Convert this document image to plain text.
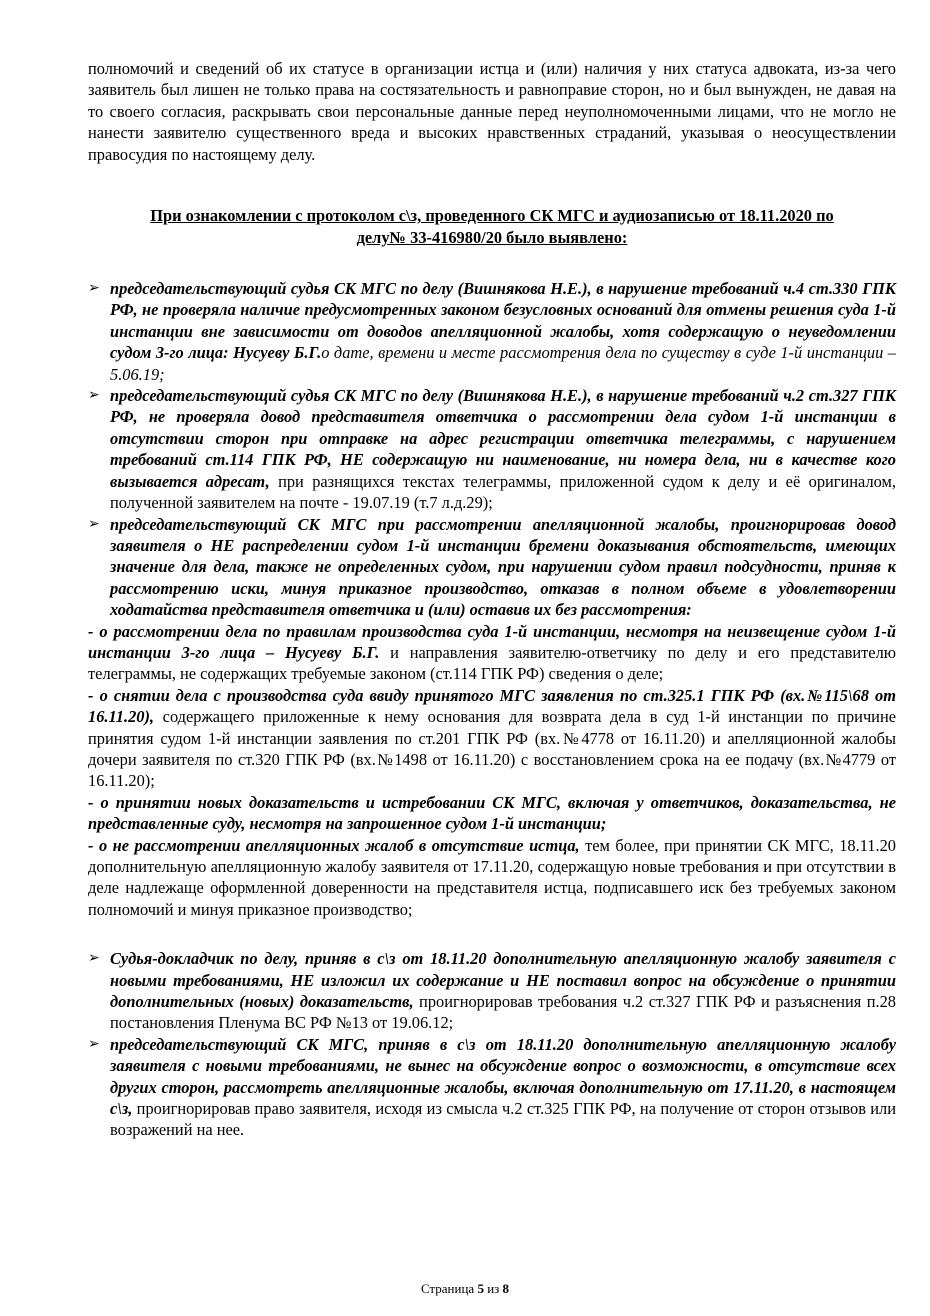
полномочий и сведений об их статусе в организации истца и (или) наличия у них статуса адвоката, из-за чего заявитель был лишен не только права на состязательность и равноправие сторон, но и был вынужден, не давая на то своего согласия, раскрывать свои персональные данные перед неуполномоченными лицами, что не могло не нанести заявителю существенного вреда и высоких нравственных страданий, указывая о неосуществлении правосудия по настоящему делу.

При ознакомлении с протоколом с\з, проведенного СК МГС и аудиозаписью от 18.11.2020 по
делу№ 33-416980/20 было выявлено:

➢ председательствующий судья СК МГС по делу (Вишнякова Н.Е.), в нарушение требований ч.4 ст.330 ГПК РФ, не проверяла наличие предусмотренных законом безусловных оснований для отмены решения суда 1-й инстанции вне зависимости от доводов апелляционной жалобы, хотя содержащую о неуведомлении судом 3-го лица: Нусуеву Б.Г.о дате, времени и месте рассмотрения дела по существу в суде 1-й инстанции – 5.06.19;

➢ председательствующий судья СК МГС по делу (Вишнякова Н.Е.), в нарушение требований ч.2 ст.327 ГПК РФ, не проверяла довод представителя ответчика о рассмотрении дела судом 1-й инстанции в отсутствии сторон при отправке на адрес регистрации ответчика телеграммы, с нарушением требований ст.114 ГПК РФ, НЕ содержащую ни наименование, ни номера дела, ни в качестве кого вызывается адресат, при разнящихся текстах телеграммы, приложенной судом к делу и её оригиналом, полученной заявителем на почте - 19.07.19 (т.7 л.д.29);

➢ председательствующий СК МГС при рассмотрении апелляционной жалобы, проигнорировав довод заявителя о НЕ распределении судом 1-й инстанции бремени доказывания обстоятельств, имеющих значение для дела, также не определенных судом, при нарушении судом правил подсудности, приняв к рассмотрению иски, минуя приказное производство, отказав в полном объеме в удовлетворении ходатайства представителя ответчика и (или) оставив их без рассмотрения:

- о рассмотрении дела по правилам производства суда 1-й инстанции, несмотря на неизвещение судом 1-й инстанции 3-го лица – Нусуеву Б.Г. и направления заявителю-ответчику по делу и его представителю телеграммы, не содержащих требуемые законом (ст.114 ГПК РФ) сведения о деле;

- о снятии дела с производства суда ввиду принятого МГС заявления по ст.325.1 ГПК РФ (вх.№115\68 от 16.11.20), содержащего приложенные к нему основания для возврата дела в суд 1-й инстанции по причине принятия судом 1-й инстанции заявления по ст.201 ГПК РФ (вх.№4778 от 16.11.20) и апелляционной жалобы дочери заявителя по ст.320 ГПК РФ (вх.№1498 от 16.11.20) с восстановлением срока на ее подачу (вх.№4779 от 16.11.20);

- о принятии новых доказательств и истребовании СК МГС, включая у ответчиков, доказательства, не представленные суду, несмотря на запрошенное судом 1-й инстанции;

- о не рассмотрении апелляционных жалоб в отсутствие истца, тем более, при принятии СК МГС, 18.11.20 дополнительную апелляционную жалобу заявителя от 17.11.20, содержащую новые требования и при отсутствии в деле надлежаще оформленной доверенности на представителя истца, подписавшего иск без требуемых законом полномочий и минуя приказное производство;

➢ Судья-докладчик по делу, приняв в с\з от 18.11.20 дополнительную апелляционную жалобу заявителя с новыми требованиями, НЕ изложил их содержание и НЕ поставил вопрос на обсуждение о принятии дополнительных (новых) доказательств, проигнорировав требования ч.2 ст.327 ГПК РФ и разъяснения п.28 постановления Пленума ВС РФ №13 от 19.06.12;

➢ председательствующий СК МГС, приняв в с\з от 18.11.20 дополнительную апелляционную жалобу заявителя с новыми требованиями, не вынес на обсуждение вопрос о возможности, в отсутствие всех других сторон, рассмотреть апелляционные жалобы, включая дополнительную от 17.11.20, в настоящем с\з, проигнорировав право заявителя, исходя из смысла ч.2 ст.325 ГПК РФ, на получение от сторон отзывов или возражений на нее.

Страница 5 из 8
